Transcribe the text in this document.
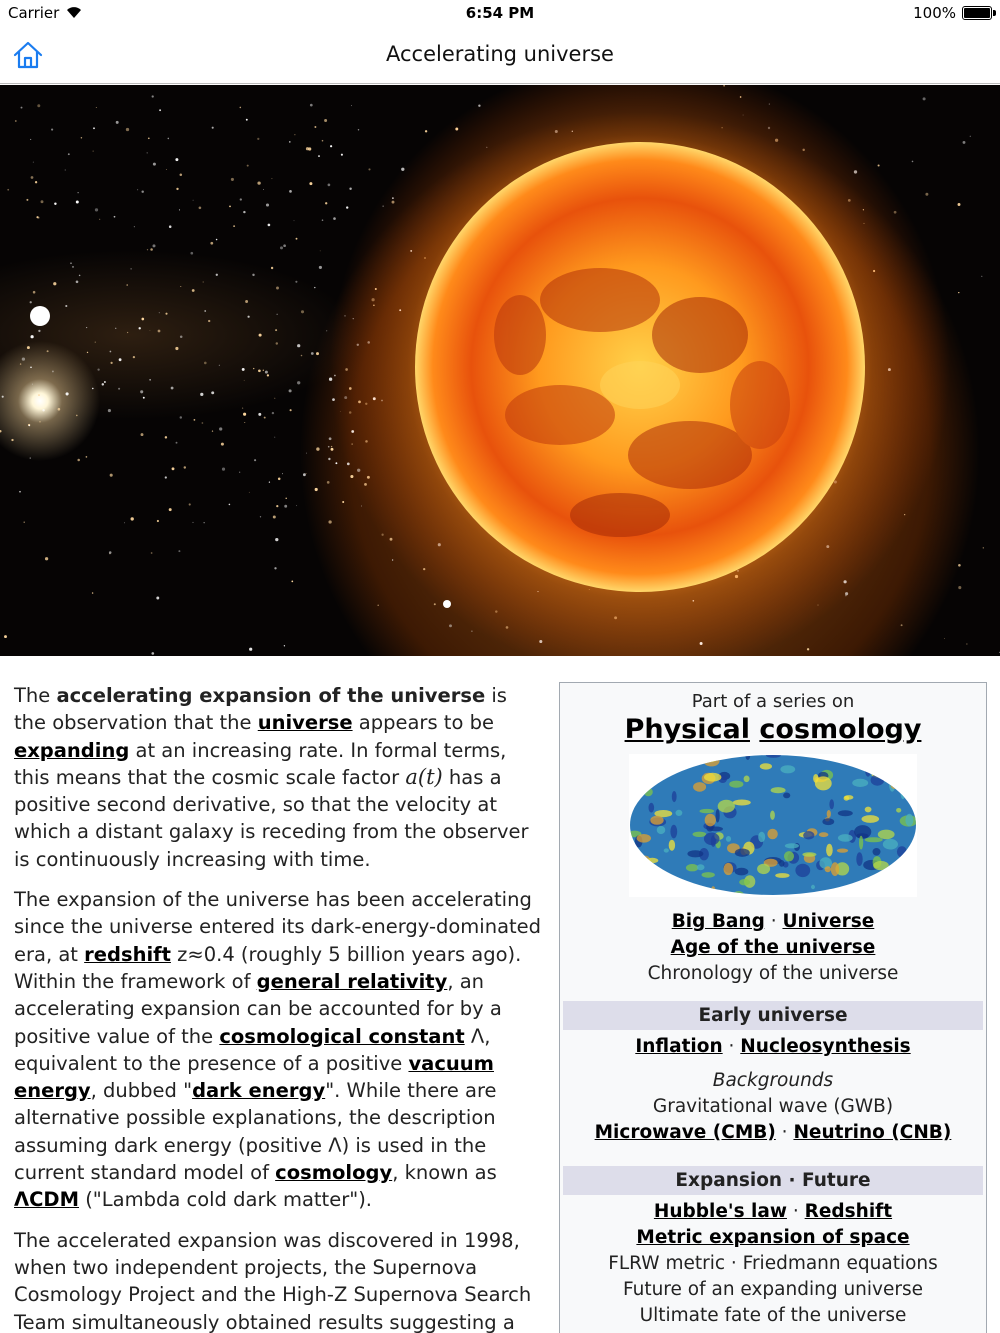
Carrier	6:54 PM	100%
Accelerating universe

The accelerating expansion of the universe is the observation that the universe appears to be expanding at an increasing rate. In formal terms, this means that the cosmic scale factor a(t) has a positive second derivative, so that the velocity at which a distant galaxy is receding from the observer is continuously increasing with time.

The expansion of the universe has been accelerating since the universe entered its dark-energy-dominated era, at redshift z≈0.4 (roughly 5 billion years ago). Within the framework of general relativity, an accelerating expansion can be accounted for by a positive value of the cosmological constant Λ, equivalent to the presence of a positive vacuum energy, dubbed "dark energy". While there are alternative possible explanations, the description assuming dark energy (positive Λ) is used in the current standard model of cosmology, known as ΛCDM ("Lambda cold dark matter").

The accelerated expansion was discovered in 1998, when two independent projects, the Supernova Cosmology Project and the High-Z Supernova Search Team simultaneously obtained results suggesting a

Part of a series on
Physical cosmology
Big Bang · Universe
Age of the universe
Chronology of the universe
Early universe
Inflation · Nucleosynthesis
Backgrounds
Gravitational wave (GWB)
Microwave (CMB) · Neutrino (CNB)
Expansion · Future
Hubble's law · Redshift
Metric expansion of space
FLRW metric · Friedmann equations
Future of an expanding universe
Ultimate fate of the universe
